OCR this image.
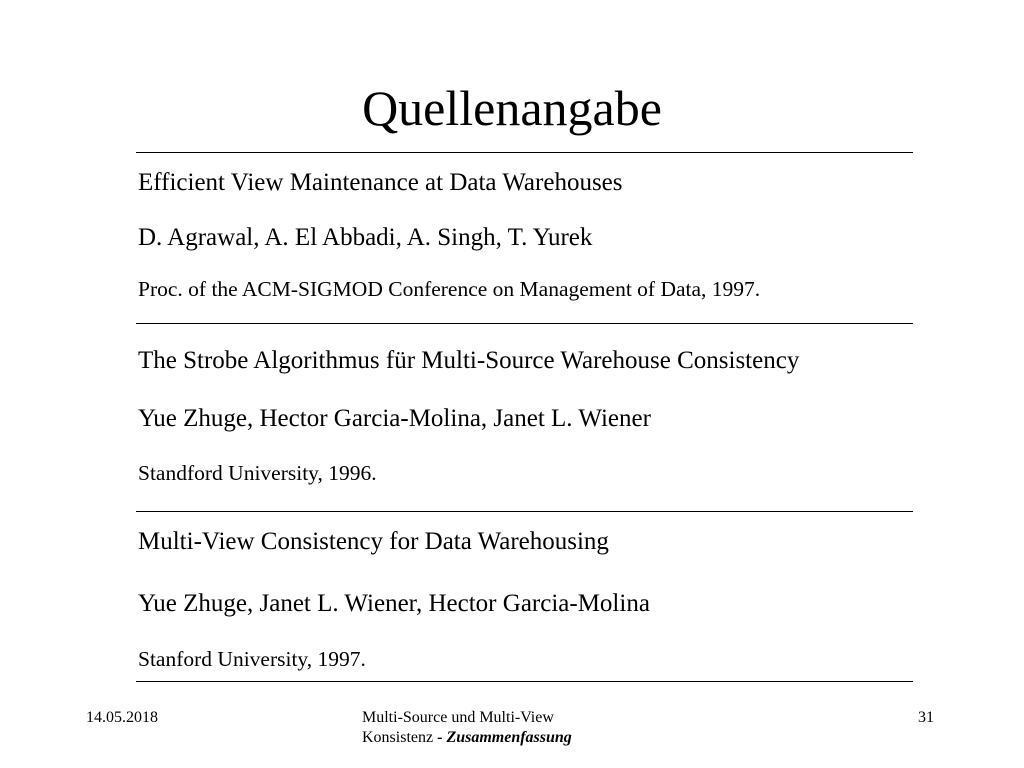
Quellenangabe
Efficient View Maintenance at Data Warehouses
D. Agrawal, A. El Abbadi, A. Singh, T. Yurek
Proc. of the ACM-SIGMOD Conference on Management of Data, 1997.
The Strobe Algorithmus für Multi-Source Warehouse Consistency
Yue Zhuge, Hector Garcia-Molina, Janet L. Wiener
Standford University, 1996.
Multi-View Consistency for Data Warehousing
Yue Zhuge, Janet L. Wiener, Hector Garcia-Molina
Stanford University, 1997.
14.05.2018	Multi-Source und Multi-View
Konsistenz - Zusammenfassung
31
